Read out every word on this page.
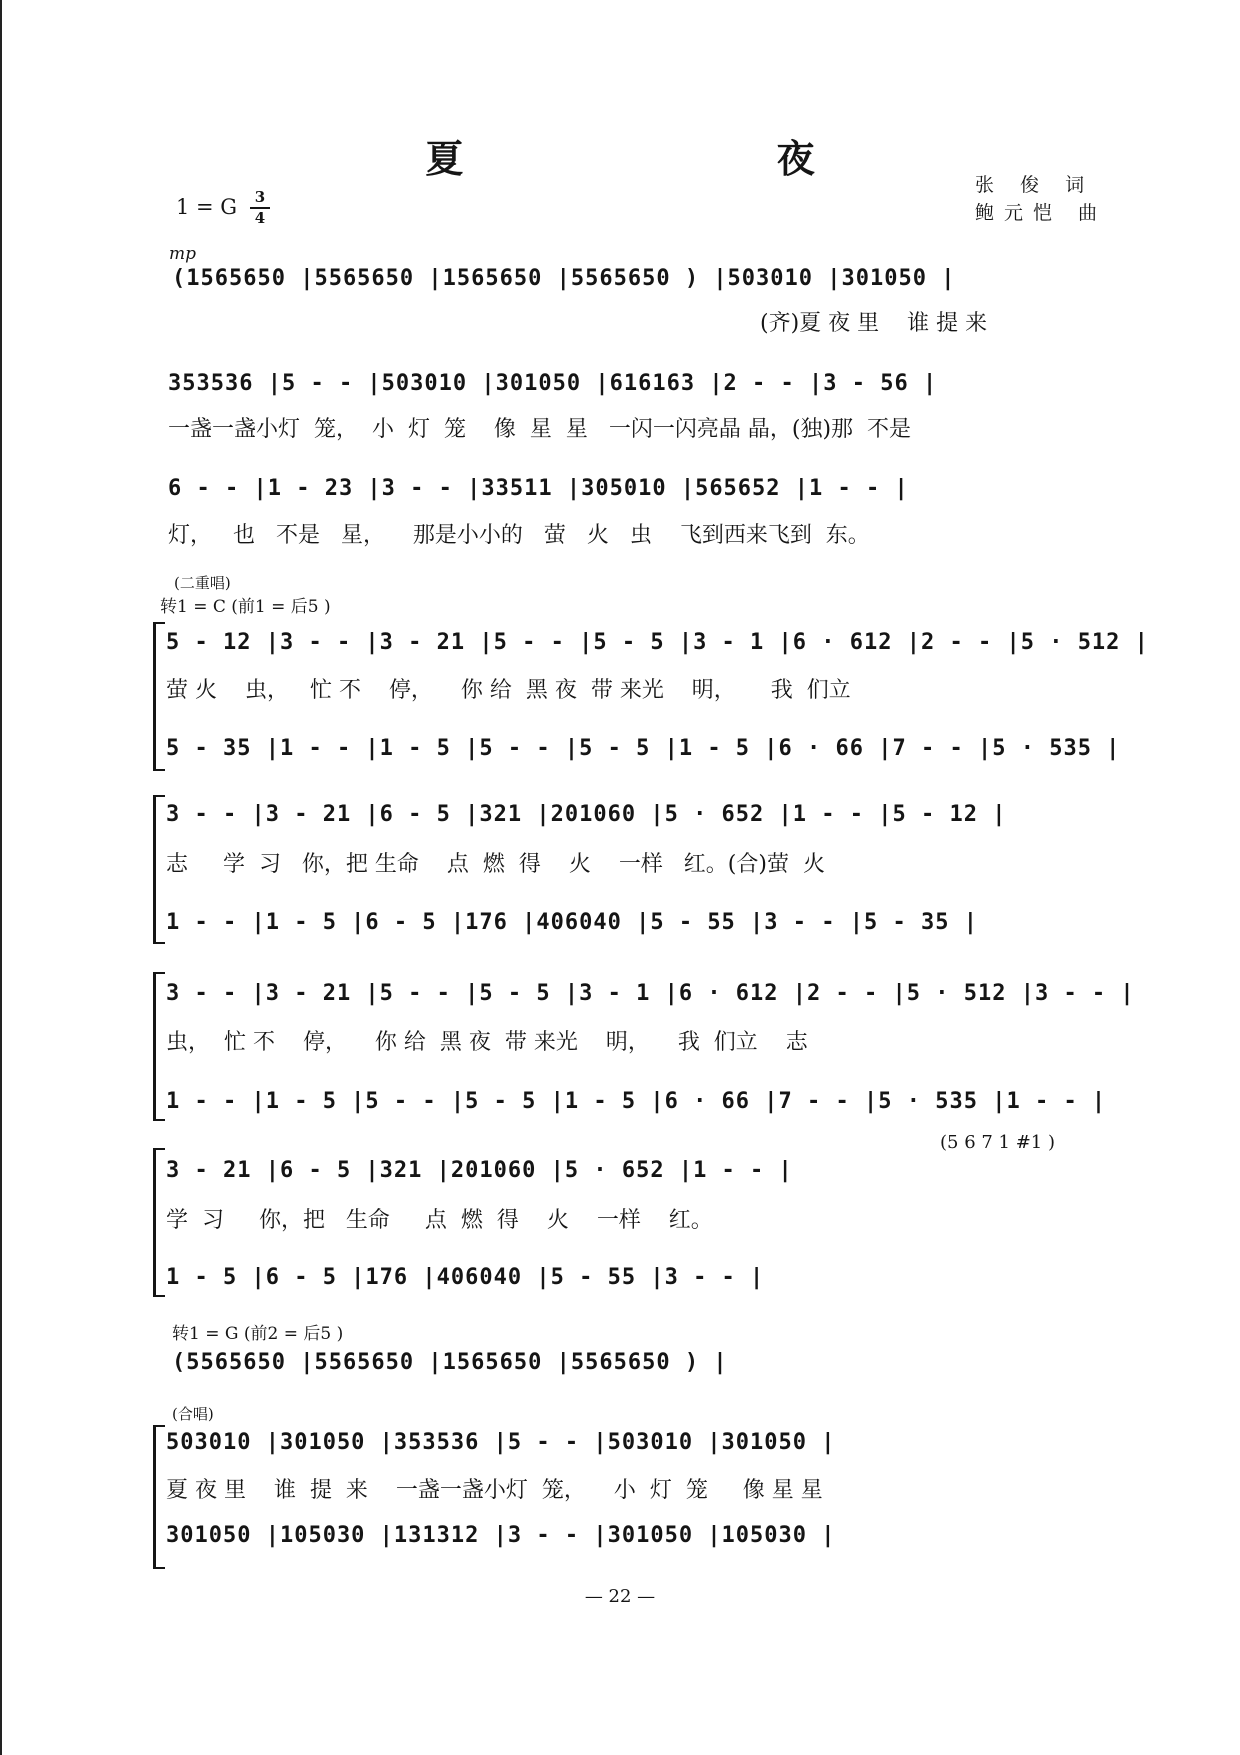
夏 夜
张 俊 词
鲍元恺 曲
1 = G	3
4
mp
(二重唱)
转1 = C (前1 = 后5 )
转1 = G (前2 = 后5 )
(合唱)
(5 6 7 1 #1 )
(1565650 |5565650 |1565650 |5565650 ) |503010 |301050 |
(齐)夏 夜 里    谁 提 来
353536 |5 - - |503010 |301050 |616163 |2 - - |3 - 56 |
一盏一盏小灯  笼，  小  灯  笼    像  星  星   一闪一闪亮晶 晶，(独)那  不是
6 - - |1 - 23 |3 - - |33511 |305010 |565652 |1 - - |
灯，   也   不是   星，    那是小小的   萤   火   虫    飞到西来飞到  东。
5 - 12 |3 - - |3 - 21 |5 - - |5 - 5 |3 - 1 |6 · 612 |2 - - |5 · 512 |
萤 火    虫，   忙 不    停，    你 给  黑 夜  带 来光    明，     我  们立
5 - 35 |1 - - |1 - 5 |5 - - |5 - 5 |1 - 5 |6 · 66 |7 - - |5 · 535 |
3 - - |3 - 21 |6 - 5 |321 |201060 |5 · 652 |1 - - |5 - 12 |
志     学  习   你，把 生命    点  燃  得    火    一样   红。(合)萤  火
1 - - |1 - 5 |6 - 5 |176 |406040 |5 - 55 |3 - - |5 - 35 |
3 - - |3 - 21 |5 - - |5 - 5 |3 - 1 |6 · 612 |2 - - |5 · 512 |3 - - |
虫，  忙 不    停，    你 给  黑 夜  带 来光    明，    我  们立    志
1 - - |1 - 5 |5 - - |5 - 5 |1 - 5 |6 · 66 |7 - - |5 · 535 |1 - - |
3 - 21 |6 - 5 |321 |201060 |5 · 652 |1 - - |
学  习     你，把   生命     点  燃  得    火    一样    红。
1 - 5 |6 - 5 |176 |406040 |5 - 55 |3 - - |
(5565650 |5565650 |1565650 |5565650 ) |
503010 |301050 |353536 |5 - - |503010 |301050 |
夏 夜 里    谁  提  来    一盏一盏小灯  笼，    小  灯  笼     像 星 星
301050 |105030 |131312 |3 - - |301050 |105030 |
— 22 —
